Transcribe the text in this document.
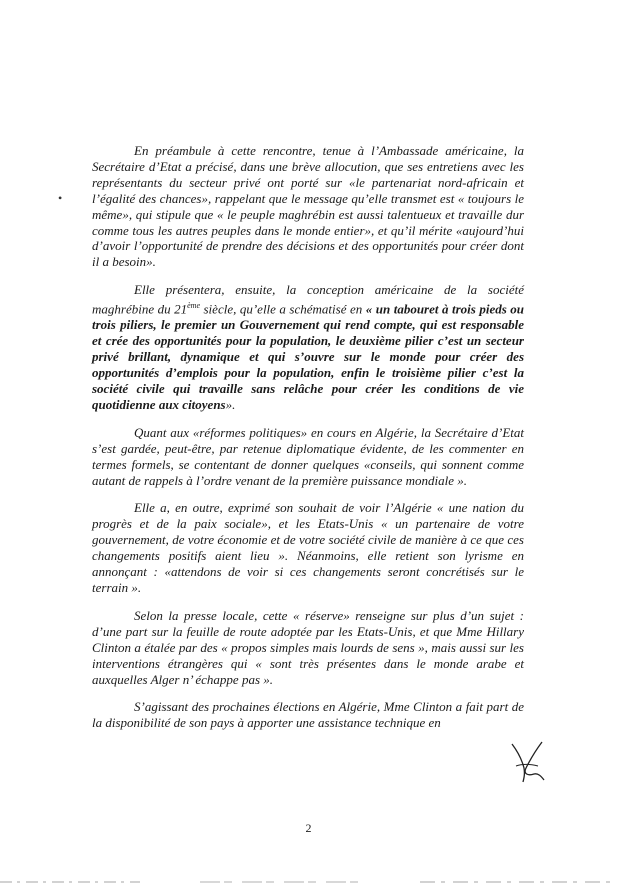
•

En préambule à cette rencontre, tenue à l’Ambassade américaine, la Secrétaire d’Etat a précisé, dans une brève allocution, que ses entretiens avec les représentants du secteur privé ont porté sur «le partenariat nord-africain et l’égalité des chances», rappelant que le message qu’elle transmet est « toujours le même», qui stipule que « le peuple maghrébin est aussi talentueux et travaille dur comme tous les autres peuples dans le monde entier», et qu’il mérite «aujourd’hui d’avoir l’opportunité de prendre des décisions et des opportunités pour créer dont il a besoin».

Elle présentera, ensuite, la conception américaine de la société maghrébine du 21ème siècle, qu’elle a schématisé en « un tabouret à trois pieds ou trois piliers, le premier un Gouvernement qui rend compte, qui est responsable et crée des opportunités pour la population, le deuxième pilier c’est un secteur privé brillant, dynamique et qui s’ouvre sur le monde pour créer des opportunités d’emplois pour la population, enfin le troisième pilier c’est la société civile qui travaille sans relâche pour créer les conditions de vie quotidienne aux citoyens».

Quant aux «réformes politiques» en cours en Algérie, la Secrétaire d’Etat s’est gardée, peut-être, par retenue diplomatique évidente, de les commenter en termes formels, se contentant de donner quelques «conseils, qui sonnent comme autant de rappels à l’ordre venant de la première puissance mondiale ».

Elle a, en outre, exprimé son souhait de voir l’Algérie « une nation du progrès et de la paix sociale», et les Etats-Unis « un partenaire de votre gouvernement, de votre économie et de votre société civile de manière à ce que ces changements positifs aient lieu ». Néanmoins, elle retient son lyrisme en annonçant : «attendons de voir si ces changements seront concrétisés sur le terrain ».

Selon la presse locale, cette « réserve» renseigne sur plus d’un sujet : d’une part sur la feuille de route adoptée par les Etats-Unis, et que Mme Hillary Clinton a étalée par des « propos simples mais lourds de sens », mais aussi sur les interventions étrangères qui « sont très présentes dans le monde arabe et auxquelles Alger n’ échappe pas ».

S’agissant des prochaines élections en Algérie, Mme Clinton a fait part de la disponibilité de son pays à apporter une assistance technique en

2
